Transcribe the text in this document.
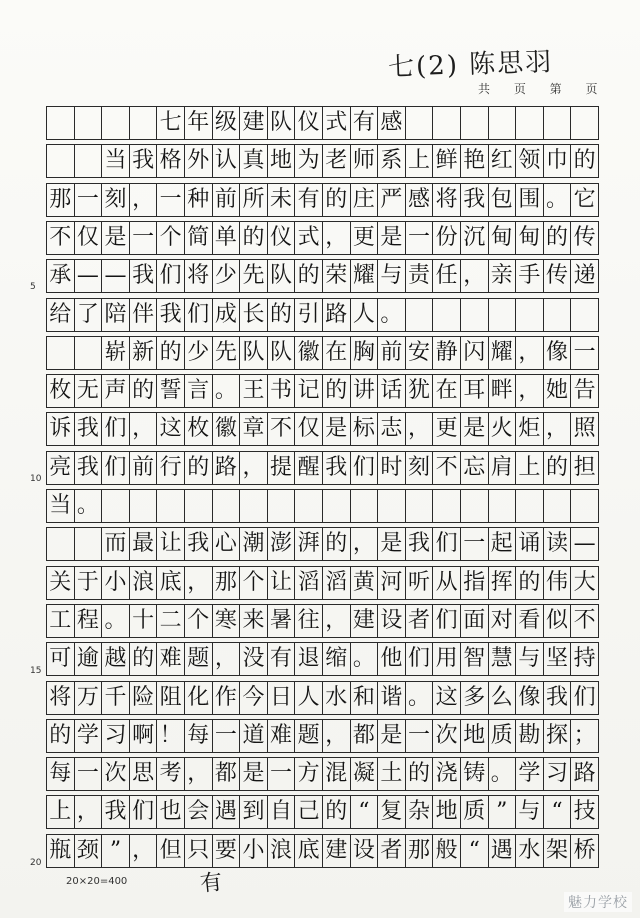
七(2) 陈思羽
共 页 第 页
七 年 级 建 队 仪 式 有 感
当 我 格 外 认 真 地 为 老 师 系 上 鲜 艳 红 领 巾 的
那 一 刻 ， 一 种 前 所 未 有 的 庄 严 感 将 我 包 围 。 它
不 仅 是 一 个 简 单 的 仪 式 ， 更 是 一 份 沉 甸 甸 的 传
承 — — 我 们 将 少 先 队 的 荣 耀 与 责 任 ， 亲 手 传 递
给 了 陪 伴 我 们 成 长 的 引 路 人 。
崭 新 的 少 先 队 队 徽 在 胸 前 安 静 闪 耀 ， 像 一
枚 无 声 的 誓 言 。 王 书 记 的 讲 话 犹 在 耳 畔 ， 她 告
诉 我 们 ， 这 枚 徽 章 不 仅 是 标 志 ， 更 是 火 炬 ， 照
亮 我 们 前 行 的 路 ， 提 醒 我 们 时 刻 不 忘 肩 上 的 担
当 。
而 最 让 我 心 潮 澎 湃 的 ， 是 我 们 一 起 诵 读 —
关 于 小 浪 底 ， 那 个 让 滔 滔 黄 河 听 从 指 挥 的 伟 大
工 程 。 十 二 个 寒 来 暑 往 ， 建 设 者 们 面 对 看 似 不
可 逾 越 的 难 题 ， 没 有 退 缩 。 他 们 用 智 慧 与 坚 持
将 万 千 险 阻 化 作 今 日 人 水 和 谐 。 这 多 么 像 我 们
的 学 习 啊 ！ 每 一 道 难 题 ， 都 是 一 次 地 质 勘 探 ；
每 一 次 思 考 ， 都 是 一 方 混 凝 土 的 浇 铸 。 学 习 路
上 ， 我 们 也 会 遇 到 自 己 的 “ 复 杂 地 质 ” 与 “ 技
瓶 颈 ” ， 但 只 要 小 浪 底 建 设 者 那 般 “ 遇 水 架 桥
5
10
15
20
20×20=400	有
魅力学校
